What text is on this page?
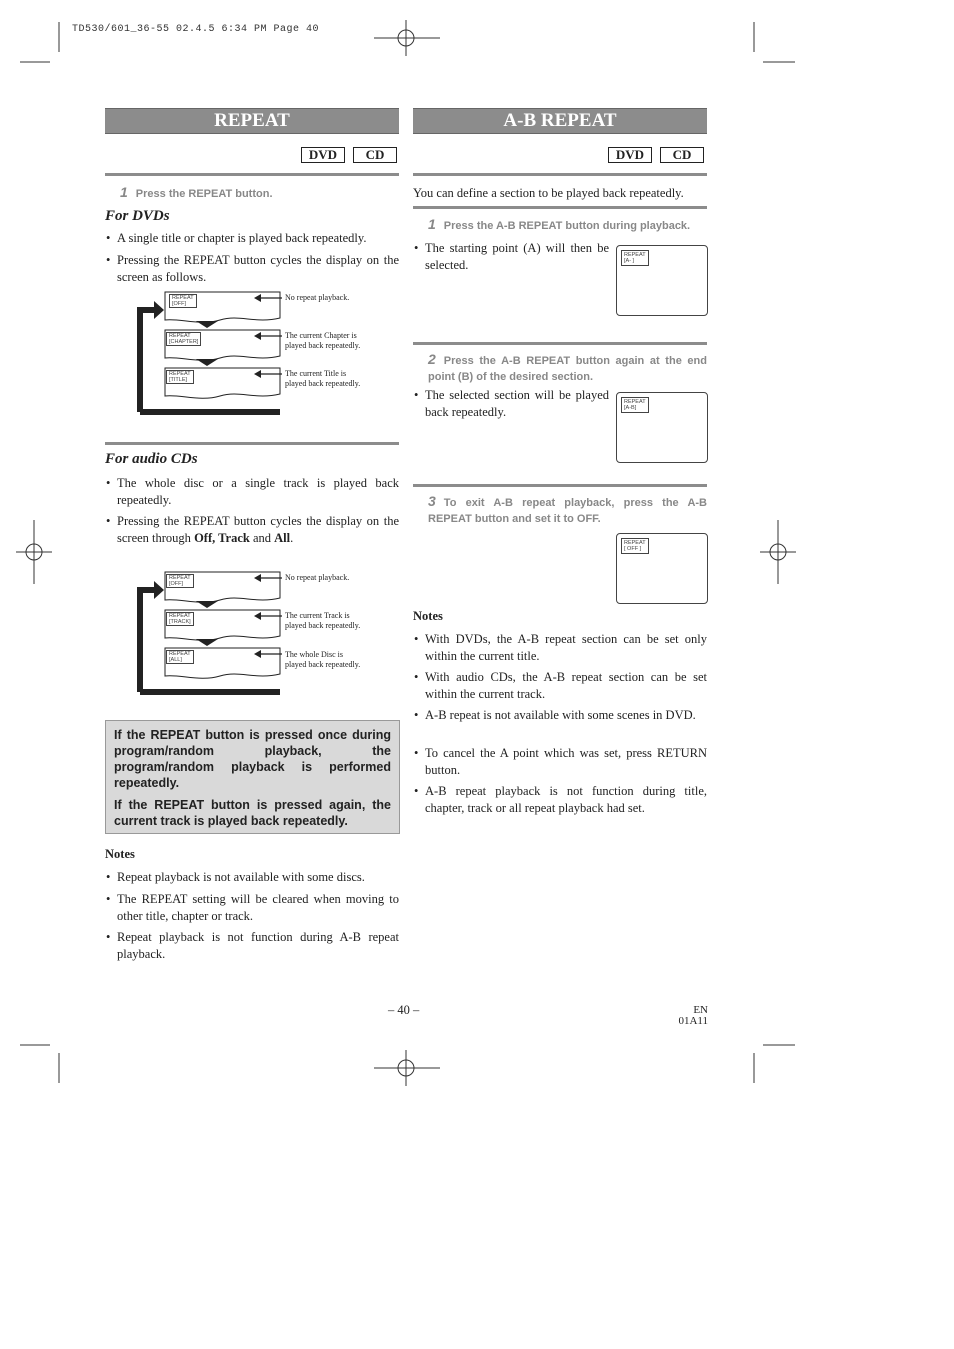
TD530/601_36-55 02.4.5 6:34 PM Page 40
REPEAT
DVD	CD
1 Press the REPEAT button.
For DVDs
• A single title or chapter is played back repeatedly.
• Pressing the REPEAT button cycles the display on the screen as follows.
REPEAT
[OFF]
REPEAT
[CHAPTER]
REPEAT
[TITLE]
No repeat playback.
The current Chapter is
played back repeatedly.
The current Title is
played back repeatedly.
For audio CDs
• The whole disc or a single track is played back repeatedly.
• Pressing the REPEAT button cycles the display on the screen through Off, Track and All.
REPEAT
[OFF]
REPEAT
[TRACK]
REPEAT
[ALL]
No repeat playback.
The current Track is
played back repeatedly.
The whole Disc is
played back repeatedly.

If the REPEAT button is pressed once during program/random playback, the program/random playback is performed repeatedly.

If the REPEAT button is pressed again, the current track is played back repeatedly.

Notes
• Repeat playback is not available with some discs.
• The REPEAT setting will be cleared when moving to other title, chapter or track.
• Repeat playback is not function during A-B repeat playback.
A-B REPEAT
DVD	CD
You can define a section to be played back repeatedly.
1 Press the A-B REPEAT button during playback.
• The starting point (A) will then be selected.
REPEAT
[A- ]
2 Press the A-B REPEAT button again at the end point (B) of the desired section.
• The selected section will be played back repeatedly.
REPEAT
[A-B]
3 To exit A-B repeat playback, press the A-B REPEAT button and set it to OFF.
REPEAT
[ OFF ]
Notes
• With DVDs, the A-B repeat section can be set only within the current title.
• With audio CDs, the A-B repeat section can be set within the current track.
• A-B repeat is not available with some scenes in DVD.
• To cancel the A point which was set, press RETURN button.
• A-B repeat playback is not function during title, chapter, track or all repeat playback had set.
– 40 –	EN
01A11
